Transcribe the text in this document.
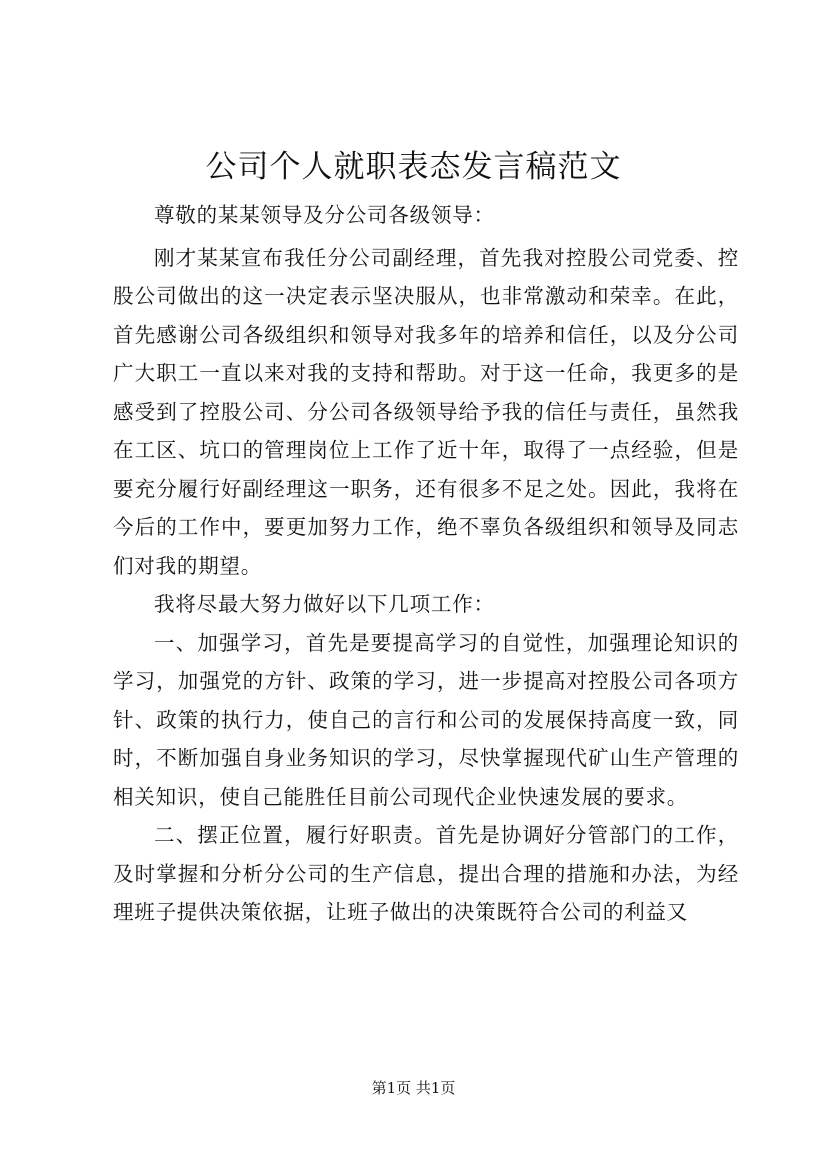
公司个人就职表态发言稿范文

尊敬的某某领导及分公司各级领导：

刚才某某宣布我任分公司副经理，首先我对控股公司党委、控股公司做出的这一决定表示坚决服从，也非常激动和荣幸。在此，首先感谢公司各级组织和领导对我多年的培养和信任，以及分公司广大职工一直以来对我的支持和帮助。对于这一任命，我更多的是感受到了控股公司、分公司各级领导给予我的信任与责任，虽然我在工区、坑口的管理岗位上工作了近十年，取得了一点经验，但是要充分履行好副经理这一职务，还有很多不足之处。因此，我将在今后的工作中，要更加努力工作，绝不辜负各级组织和领导及同志们对我的期望。

我将尽最大努力做好以下几项工作：

一、加强学习，首先是要提高学习的自觉性，加强理论知识的学习，加强党的方针、政策的学习，进一步提高对控股公司各项方针、政策的执行力，使自己的言行和公司的发展保持高度一致，同时，不断加强自身业务知识的学习，尽快掌握现代矿山生产管理的相关知识，使自己能胜任目前公司现代企业快速发展的要求。

二、摆正位置，履行好职责。首先是协调好分管部门的工作，及时掌握和分析分公司的生产信息，提出合理的措施和办法，为经理班子提供决策依据，让班子做出的决策既符合公司的利益又

第1页 共1页
